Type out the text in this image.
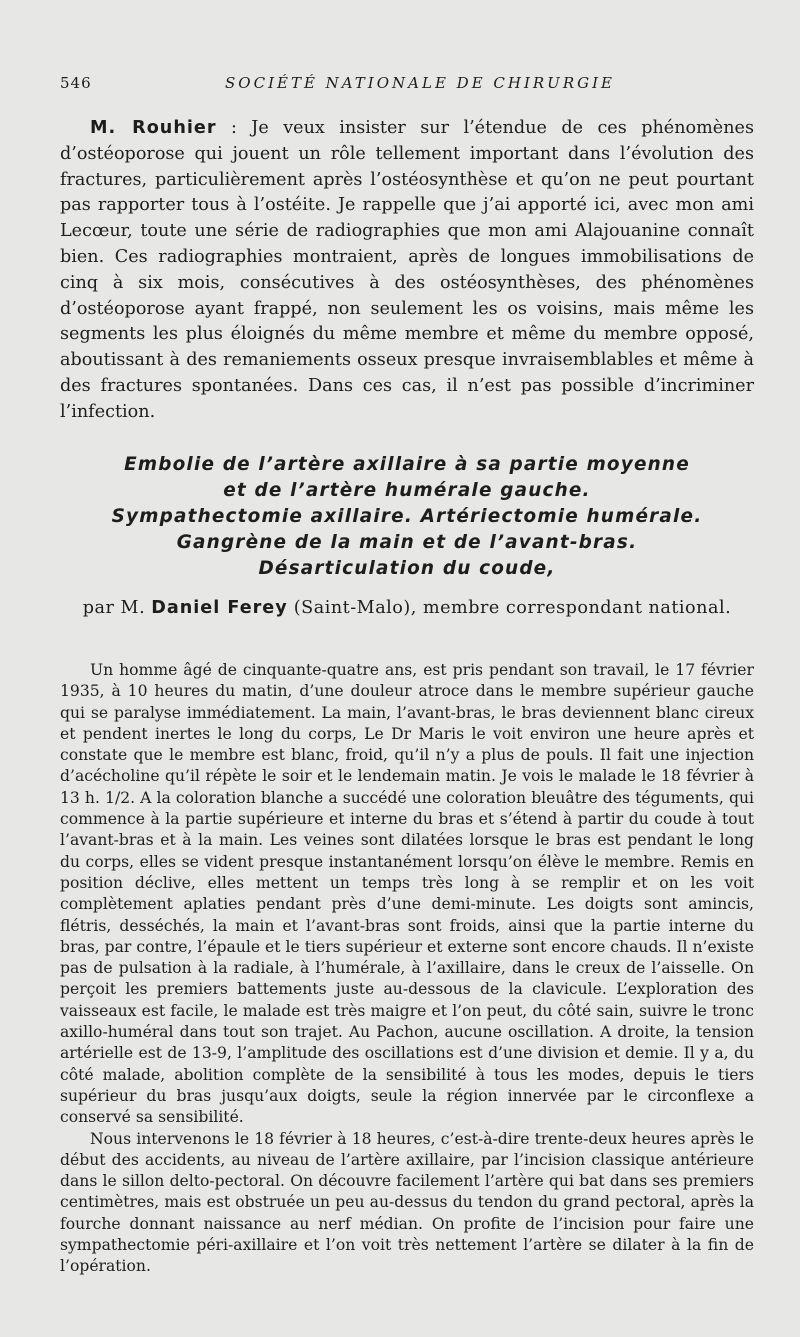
546	SOCIÉTÉ NATIONALE DE CHIRURGIE

M. Rouhier : Je veux insister sur l’étendue de ces phénomènes d’ostéoporose qui jouent un rôle tellement important dans l’évolution des fractures, particulièrement après l’ostéosynthèse et qu’on ne peut pourtant pas rapporter tous à l’ostéite. Je rappelle que j’ai apporté ici, avec mon ami Lecœur, toute une série de radiographies que mon ami Alajouanine connaît bien. Ces radiographies montraient, après de longues immobilisations de cinq à six mois, consécutives à des ostéosynthèses, des phénomènes d’ostéoporose ayant frappé, non seulement les os voisins, mais même les segments les plus éloignés du même membre et même du membre opposé, aboutissant à des remaniements osseux presque invraisemblables et même à des fractures spontanées. Dans ces cas, il n’est pas possible d’incriminer l’infection.

Embolie de l’artère axillaire à sa partie moyenne
et de l’artère humérale gauche.
Sympathectomie axillaire. Artériectomie humérale.
Gangrène de la main et de l’avant-bras.
Désarticulation du coude,

par M. Daniel Ferey (Saint-Malo), membre correspondant national.

Un homme âgé de cinquante-quatre ans, est pris pendant son travail, le 17 février 1935, à 10 heures du matin, d’une douleur atroce dans le membre supérieur gauche qui se paralyse immédiatement. La main, l’avant-bras, le bras deviennent blanc cireux et pendent inertes le long du corps, Le Dr Maris le voit environ une heure après et constate que le membre est blanc, froid, qu’il n’y a plus de pouls. Il fait une injection d’acécholine qu’il répète le soir et le lendemain matin. Je vois le malade le 18 février à 13 h. 1/2. A la coloration blanche a succédé une coloration bleuâtre des téguments, qui commence à la partie supérieure et interne du bras et s’étend à partir du coude à tout l’avant-bras et à la main. Les veines sont dilatées lorsque le bras est pendant le long du corps, elles se vident presque instantanément lorsqu’on élève le membre. Remis en position déclive, elles mettent un temps très long à se remplir et on les voit complètement aplaties pendant près d’une demi-minute. Les doigts sont amincis, flétris, desséchés, la main et l’avant-bras sont froids, ainsi que la partie interne du bras, par contre, l’épaule et le tiers supérieur et externe sont encore chauds. Il n’existe pas de pulsation à la radiale, à l’humérale, à l’axillaire, dans le creux de l’aisselle. On perçoit les premiers battements juste au-dessous de la clavicule. L’exploration des vaisseaux est facile, le malade est très maigre et l’on peut, du côté sain, suivre le tronc axillo-huméral dans tout son trajet. Au Pachon, aucune oscillation. A droite, la tension artérielle est de 13-9, l’amplitude des oscillations est d’une division et demie. Il y a, du côté malade, abolition complète de la sensibilité à tous les modes, depuis le tiers supérieur du bras jusqu’aux doigts, seule la région innervée par le circonflexe a conservé sa sensibilité.

Nous intervenons le 18 février à 18 heures, c’est-à-dire trente-deux heures après le début des accidents, au niveau de l’artère axillaire, par l’incision classique antérieure dans le sillon delto-pectoral. On découvre facilement l’artère qui bat dans ses premiers centimètres, mais est obstruée un peu au-dessus du tendon du grand pectoral, après la fourche donnant naissance au nerf médian. On profite de l’incision pour faire une sympathectomie péri-axillaire et l’on voit très nettement l’artère se dilater à la fin de l’opération.
